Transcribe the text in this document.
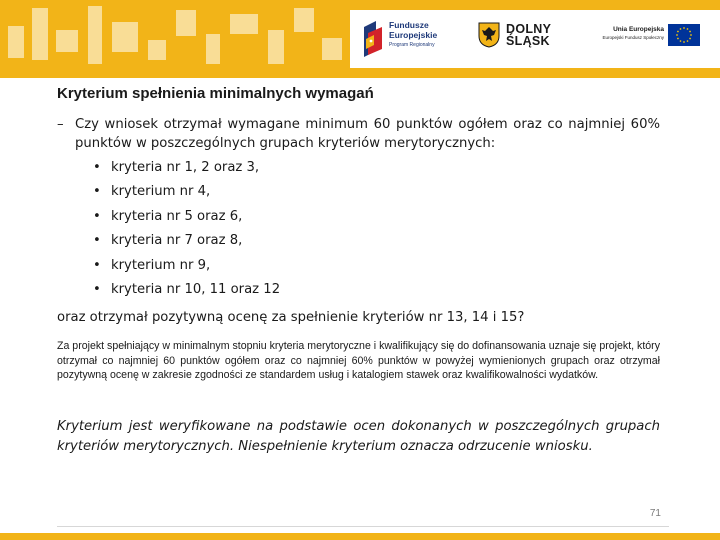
Fundusze
Europejskie
Program Regionalny
DOLNY
ŚLĄSK
Unia Europejska
Europejski Fundusz Społeczny
Kryterium spełnienia minimalnych wymagań
– Czy wniosek otrzymał wymagane minimum 60 punktów ogółem oraz co najmniej 60% punktów w poszczególnych grupach kryteriów merytorycznych:
• kryteria nr 1, 2 oraz 3,
• kryterium nr 4,
• kryteria nr 5 oraz 6,
• kryteria nr 7 oraz 8,
• kryterium nr 9,
• kryteria nr 10, 11 oraz 12

oraz otrzymał pozytywną ocenę za spełnienie kryteriów nr 13, 14 i 15?

Za projekt spełniający w minimalnym stopniu kryteria merytoryczne i kwalifikujący się do dofinansowania uznaje się projekt, który otrzymał co najmniej 60 punktów ogółem oraz co najmniej 60% punktów w powyżej wymienionych grupach oraz otrzymał pozytywną ocenę w zakresie zgodności ze standardem usług i katalogiem stawek oraz kwalifikowalności wydatków.

Kryterium jest weryfikowane na podstawie ocen dokonanych w poszczególnych grupach kryteriów merytorycznych. Niespełnienie kryterium oznacza odrzucenie wniosku.

71
